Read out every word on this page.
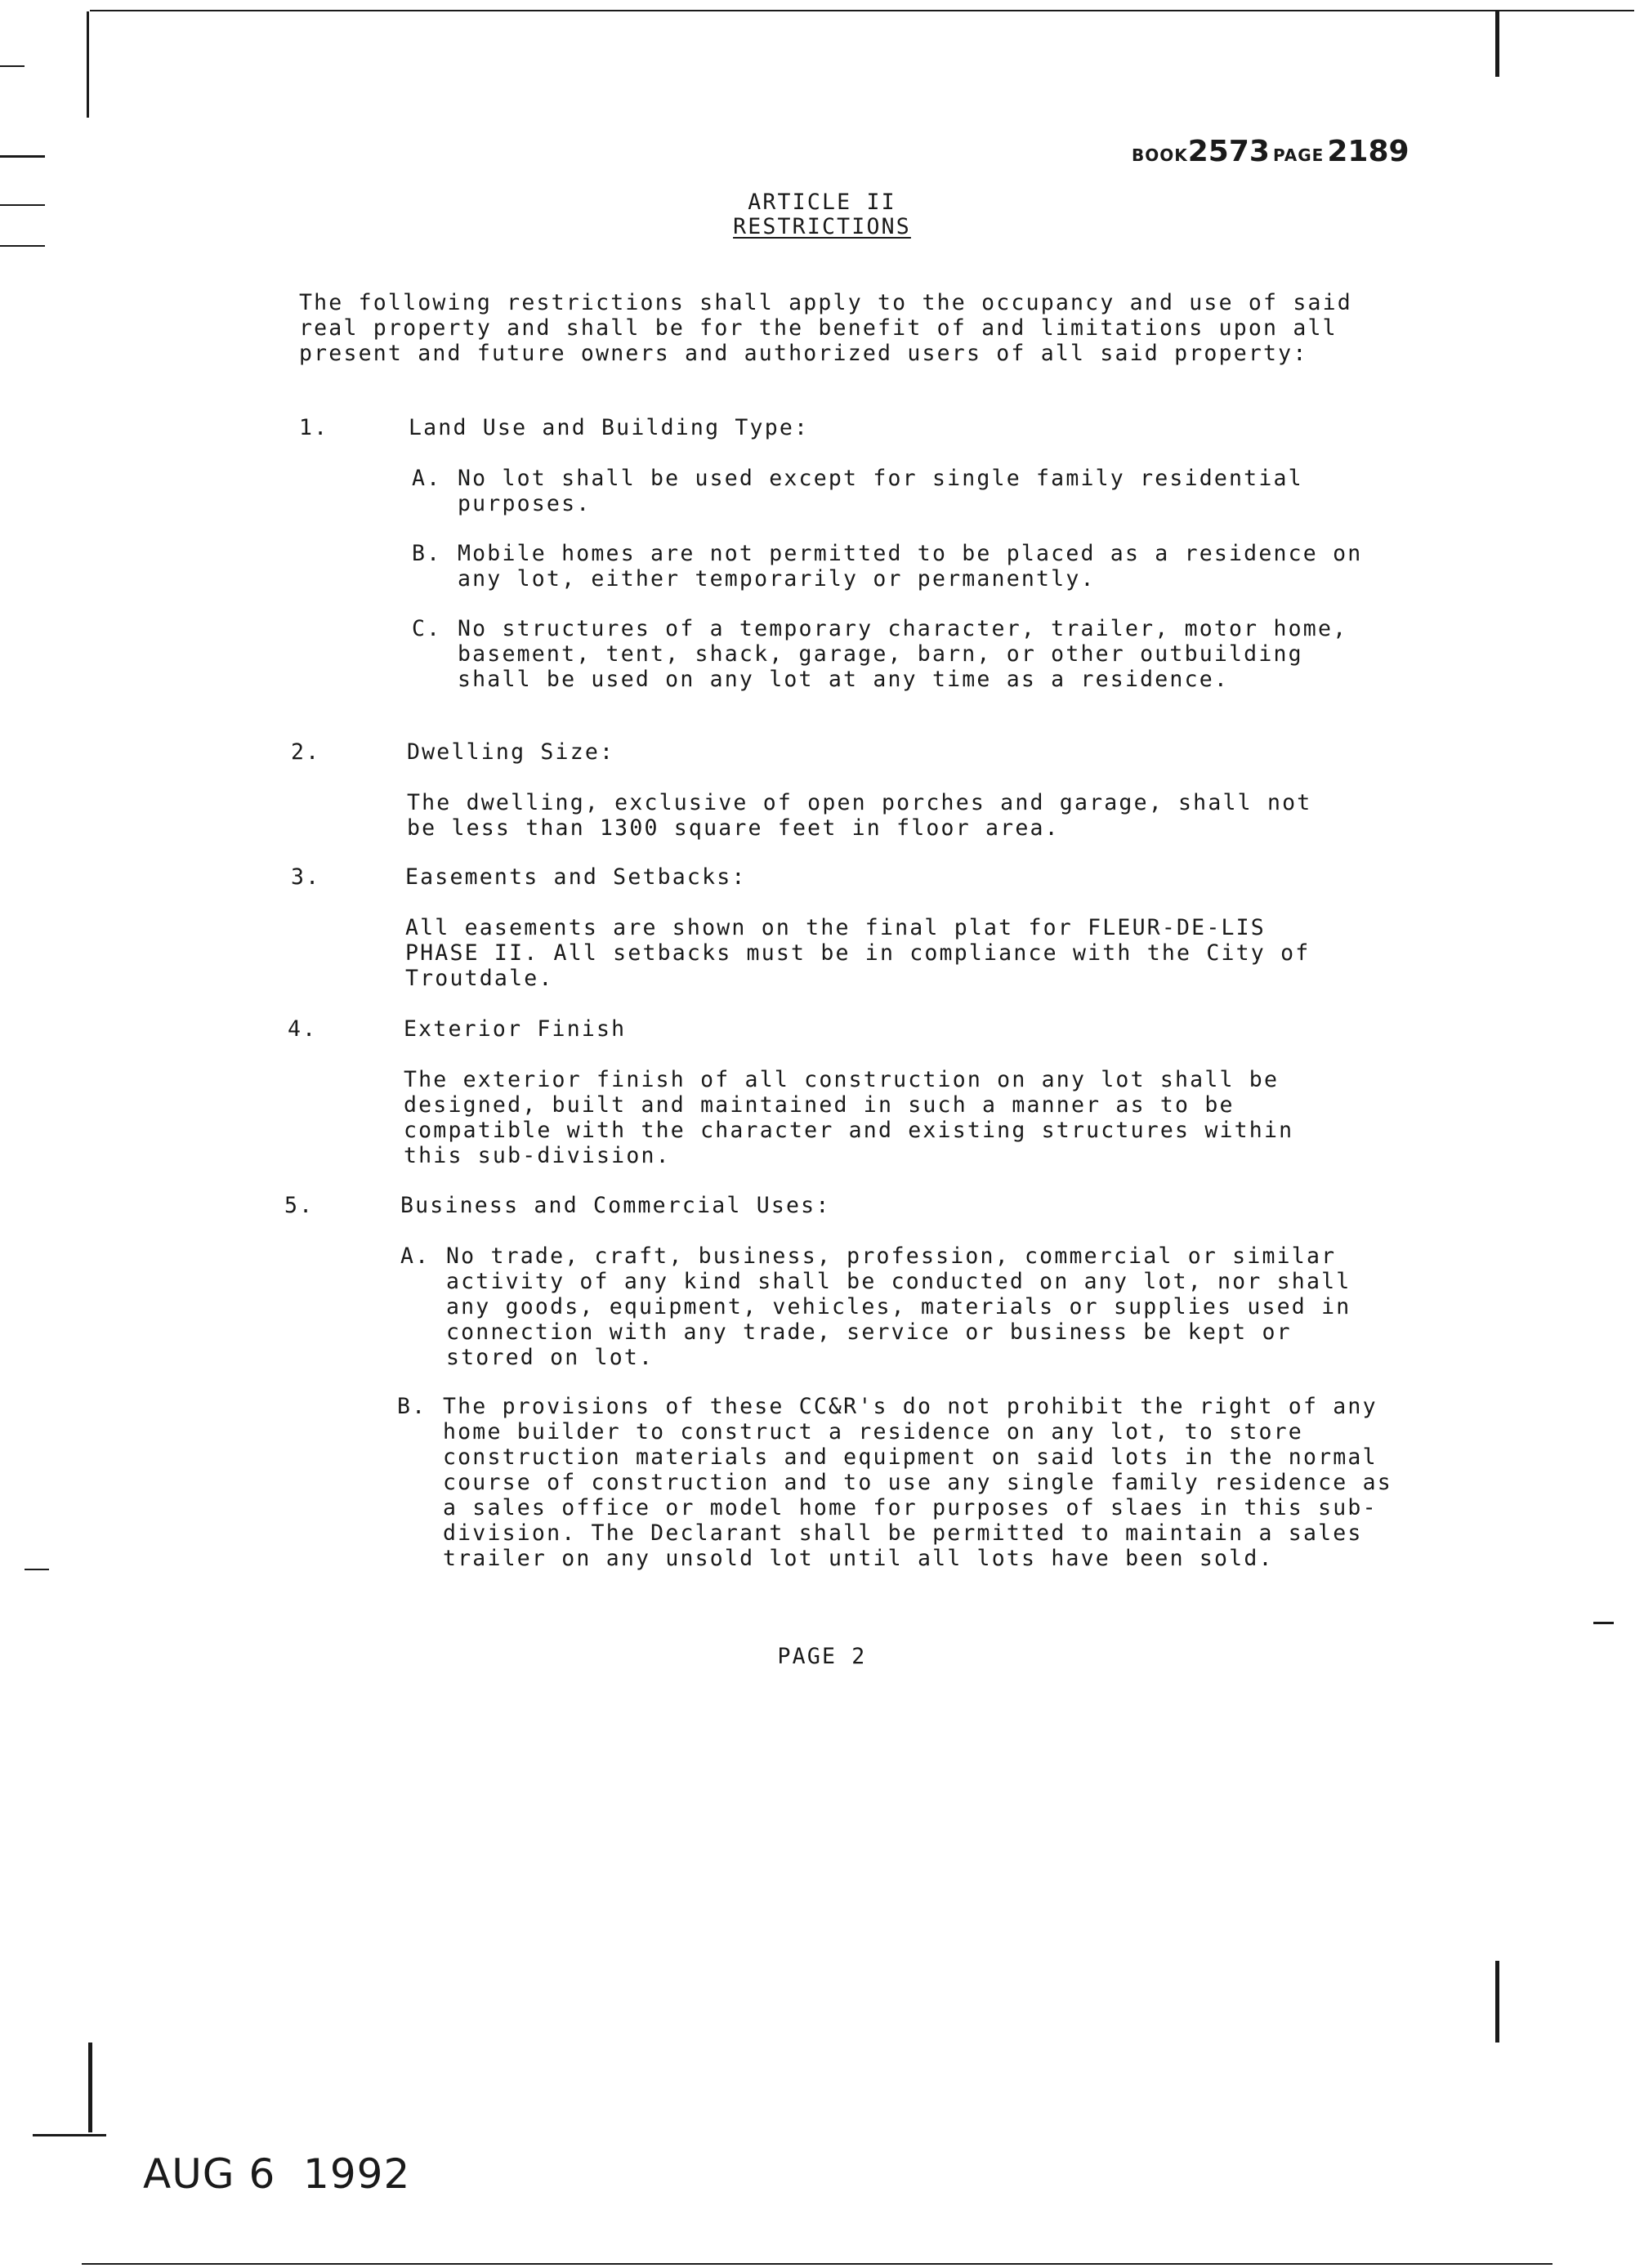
BOOK2573 PAGE 2189
ARTICLE II
RESTRICTIONS
The following restrictions shall apply to the occupancy and use of said real property and shall be for the benefit of and limitations upon all present and future owners and authorized users of all said property:
1.	Land Use and Building Type:
A. No lot shall be used except for single family residential purposes.
B. Mobile homes are not permitted to be placed as a residence on any lot, either temporarily or permanently.
C. No structures of a temporary character, trailer, motor home, basement, tent, shack, garage, barn, or other outbuilding shall be used on any lot at any time as a residence.
2.	Dwelling Size:
The dwelling, exclusive of open porches and garage, shall not be less than 1300 square feet in floor area.
3.	Easements and Setbacks:
All easements are shown on the final plat for FLEUR-DE-LIS PHASE II. All setbacks must be in compliance with the City of Troutdale.
4.	Exterior Finish
The exterior finish of all construction on any lot shall be designed, built and maintained in such a manner as to be compatible with the character and existing structures within this sub-division.
5.	Business and Commercial Uses:
A. No trade, craft, business, profession, commercial or similar activity of any kind shall be conducted on any lot, nor shall any goods, equipment, vehicles, materials or supplies used in connection with any trade, service or business be kept or stored on lot.
B. The provisions of these CC&R's do not prohibit the right of any home builder to construct a residence on any lot, to store construction materials and equipment on said lots in the normal course of construction and to use any single family residence as a sales office or model home for purposes of slaes in this sub-division. The Declarant shall be permitted to maintain a sales trailer on any unsold lot until all lots have been sold.
PAGE 2
AUG 6  1992
